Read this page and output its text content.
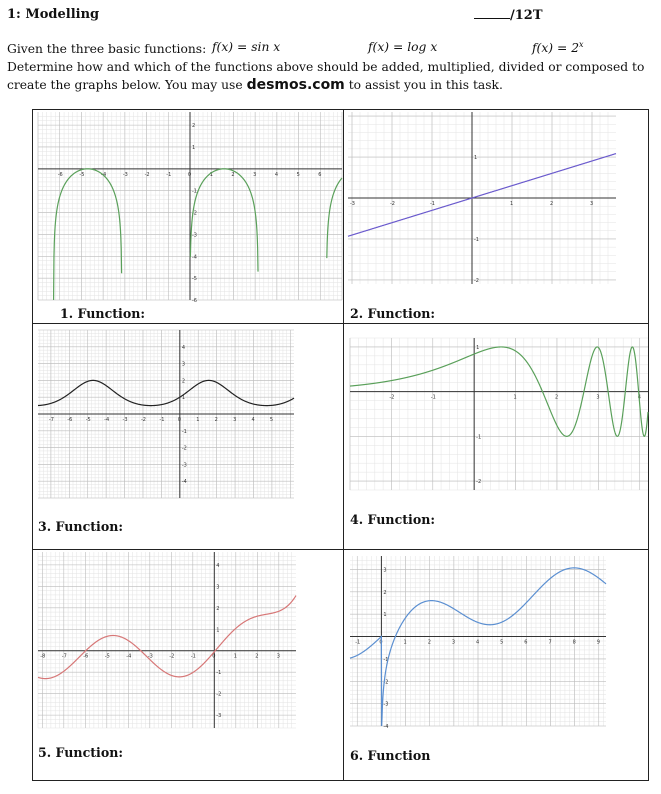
1: Modelling	/12T
Given the three basic functions:
Determine how and which of the functions above should be added, multiplied, divided or composed to
create the graphs below. You may use desmos.com to assist you in this task.
f(x) = sin x	f(x) = log x	$f(x) = 2^x$
-6	-5	-4	-3	-2	-1	0	1	2	3	4	5	6
-6
-5
-4
-3
-2
-1
1
2
-3	-2	-1	1	2	3
-2
-1
1
-7	-6	-5	-4	-3	-2	-1	0	1	2	3	4	5
-4
-3
-2
-1
1
2
3
4
-2	-1	1	2	3	4
-2
-1
1
-8	-7	-6	-5	-4	-3	-2	-1	0	1	2	3
-3
-2
-1
1
2
3
4
-1	0	1	2	3	4	5	6	7	8	9
-4
-3
-2
-1
1
2
3
1. Function:	2. Function:
3. Function:	4. Function:
5. Function:	6. Function
